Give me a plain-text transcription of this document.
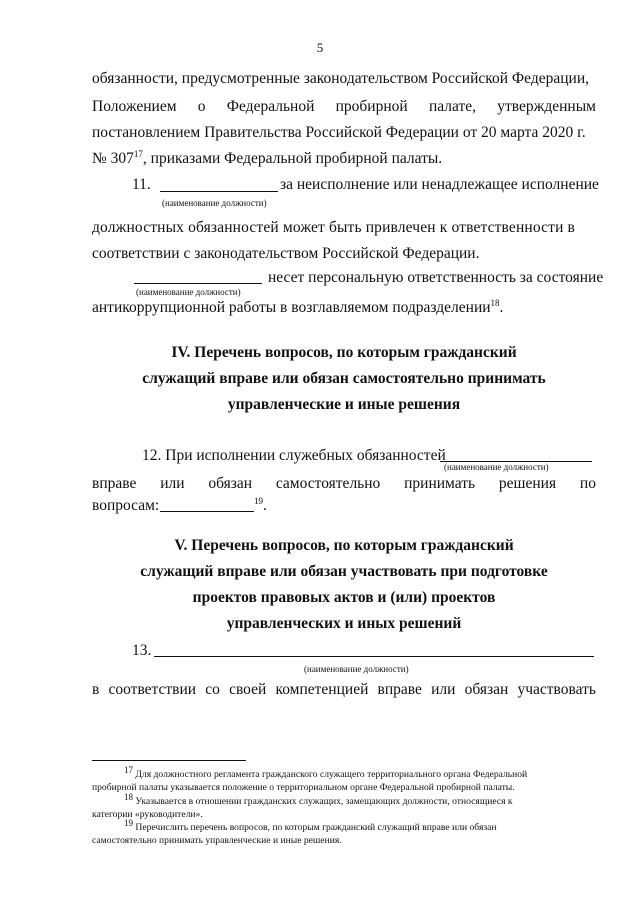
5
обязанности, предусмотренные законодательством Российской Федерации,
Положением о Федеральной пробирной палате, утвержденным
постановлением Правительства Российской Федерации от 20 марта 2020 г.
№ $307^{17}$, приказами Федеральной пробирной палаты.
11.	за неисполнение или ненадлежащее исполнение
(наименование должности)
должностных обязанностей может быть привлечен к ответственности в
соответствии с законодательством Российской Федерации.
несет персональную ответственность за состояние
(наименование должности)
антикоррупционной работы в возглавляемом подразделении$^{18}$.
IV. Перечень вопросов, по которым гражданский
служащий вправе или обязан самостоятельно принимать
управленческие и иные решения
12. При исполнении служебных обязанностей
(наименование должности)
вправе или обязан самостоятельно принимать решения по
вопросам:	$^{19}$.
V. Перечень вопросов, по которым гражданский
служащий вправе или обязан участвовать при подготовке
проектов правовых актов и (или) проектов
управленческих и иных решений
13.
(наименование должности)
в соответствии со своей компетенцией вправе или обязан участвовать
$^{17}$ Для должностного регламента гражданского служащего территориального органа Федеральной
пробирной палаты указывается положение о территориальном органе Федеральной пробирной палаты.
$^{18}$ Указывается в отношении гражданских служащих, замещающих должности, относящиеся к
категории «руководители».
$^{19}$ Перечислить перечень вопросов, по которым гражданский служащий вправе или обязан
самостоятельно принимать управленческие и иные решения.
